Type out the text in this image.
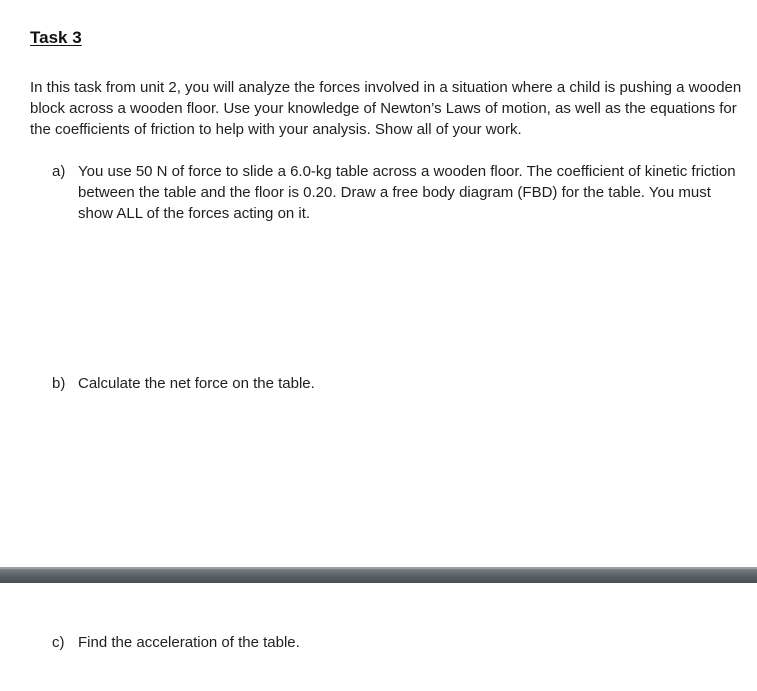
Task 3
In this task from unit 2, you will analyze the forces involved in a situation where a child is pushing a wooden block across a wooden floor. Use your knowledge of Newton’s Laws of motion, as well as the equations for the coefficients of friction to help with your analysis. Show all of your work.
a) You use 50 N of force to slide a 6.0-kg table across a wooden floor. The coefficient of kinetic friction between the table and the floor is 0.20. Draw a free body diagram (FBD) for the table. You must show ALL of the forces acting on it.
b) Calculate the net force on the table.
c) Find the acceleration of the table.
